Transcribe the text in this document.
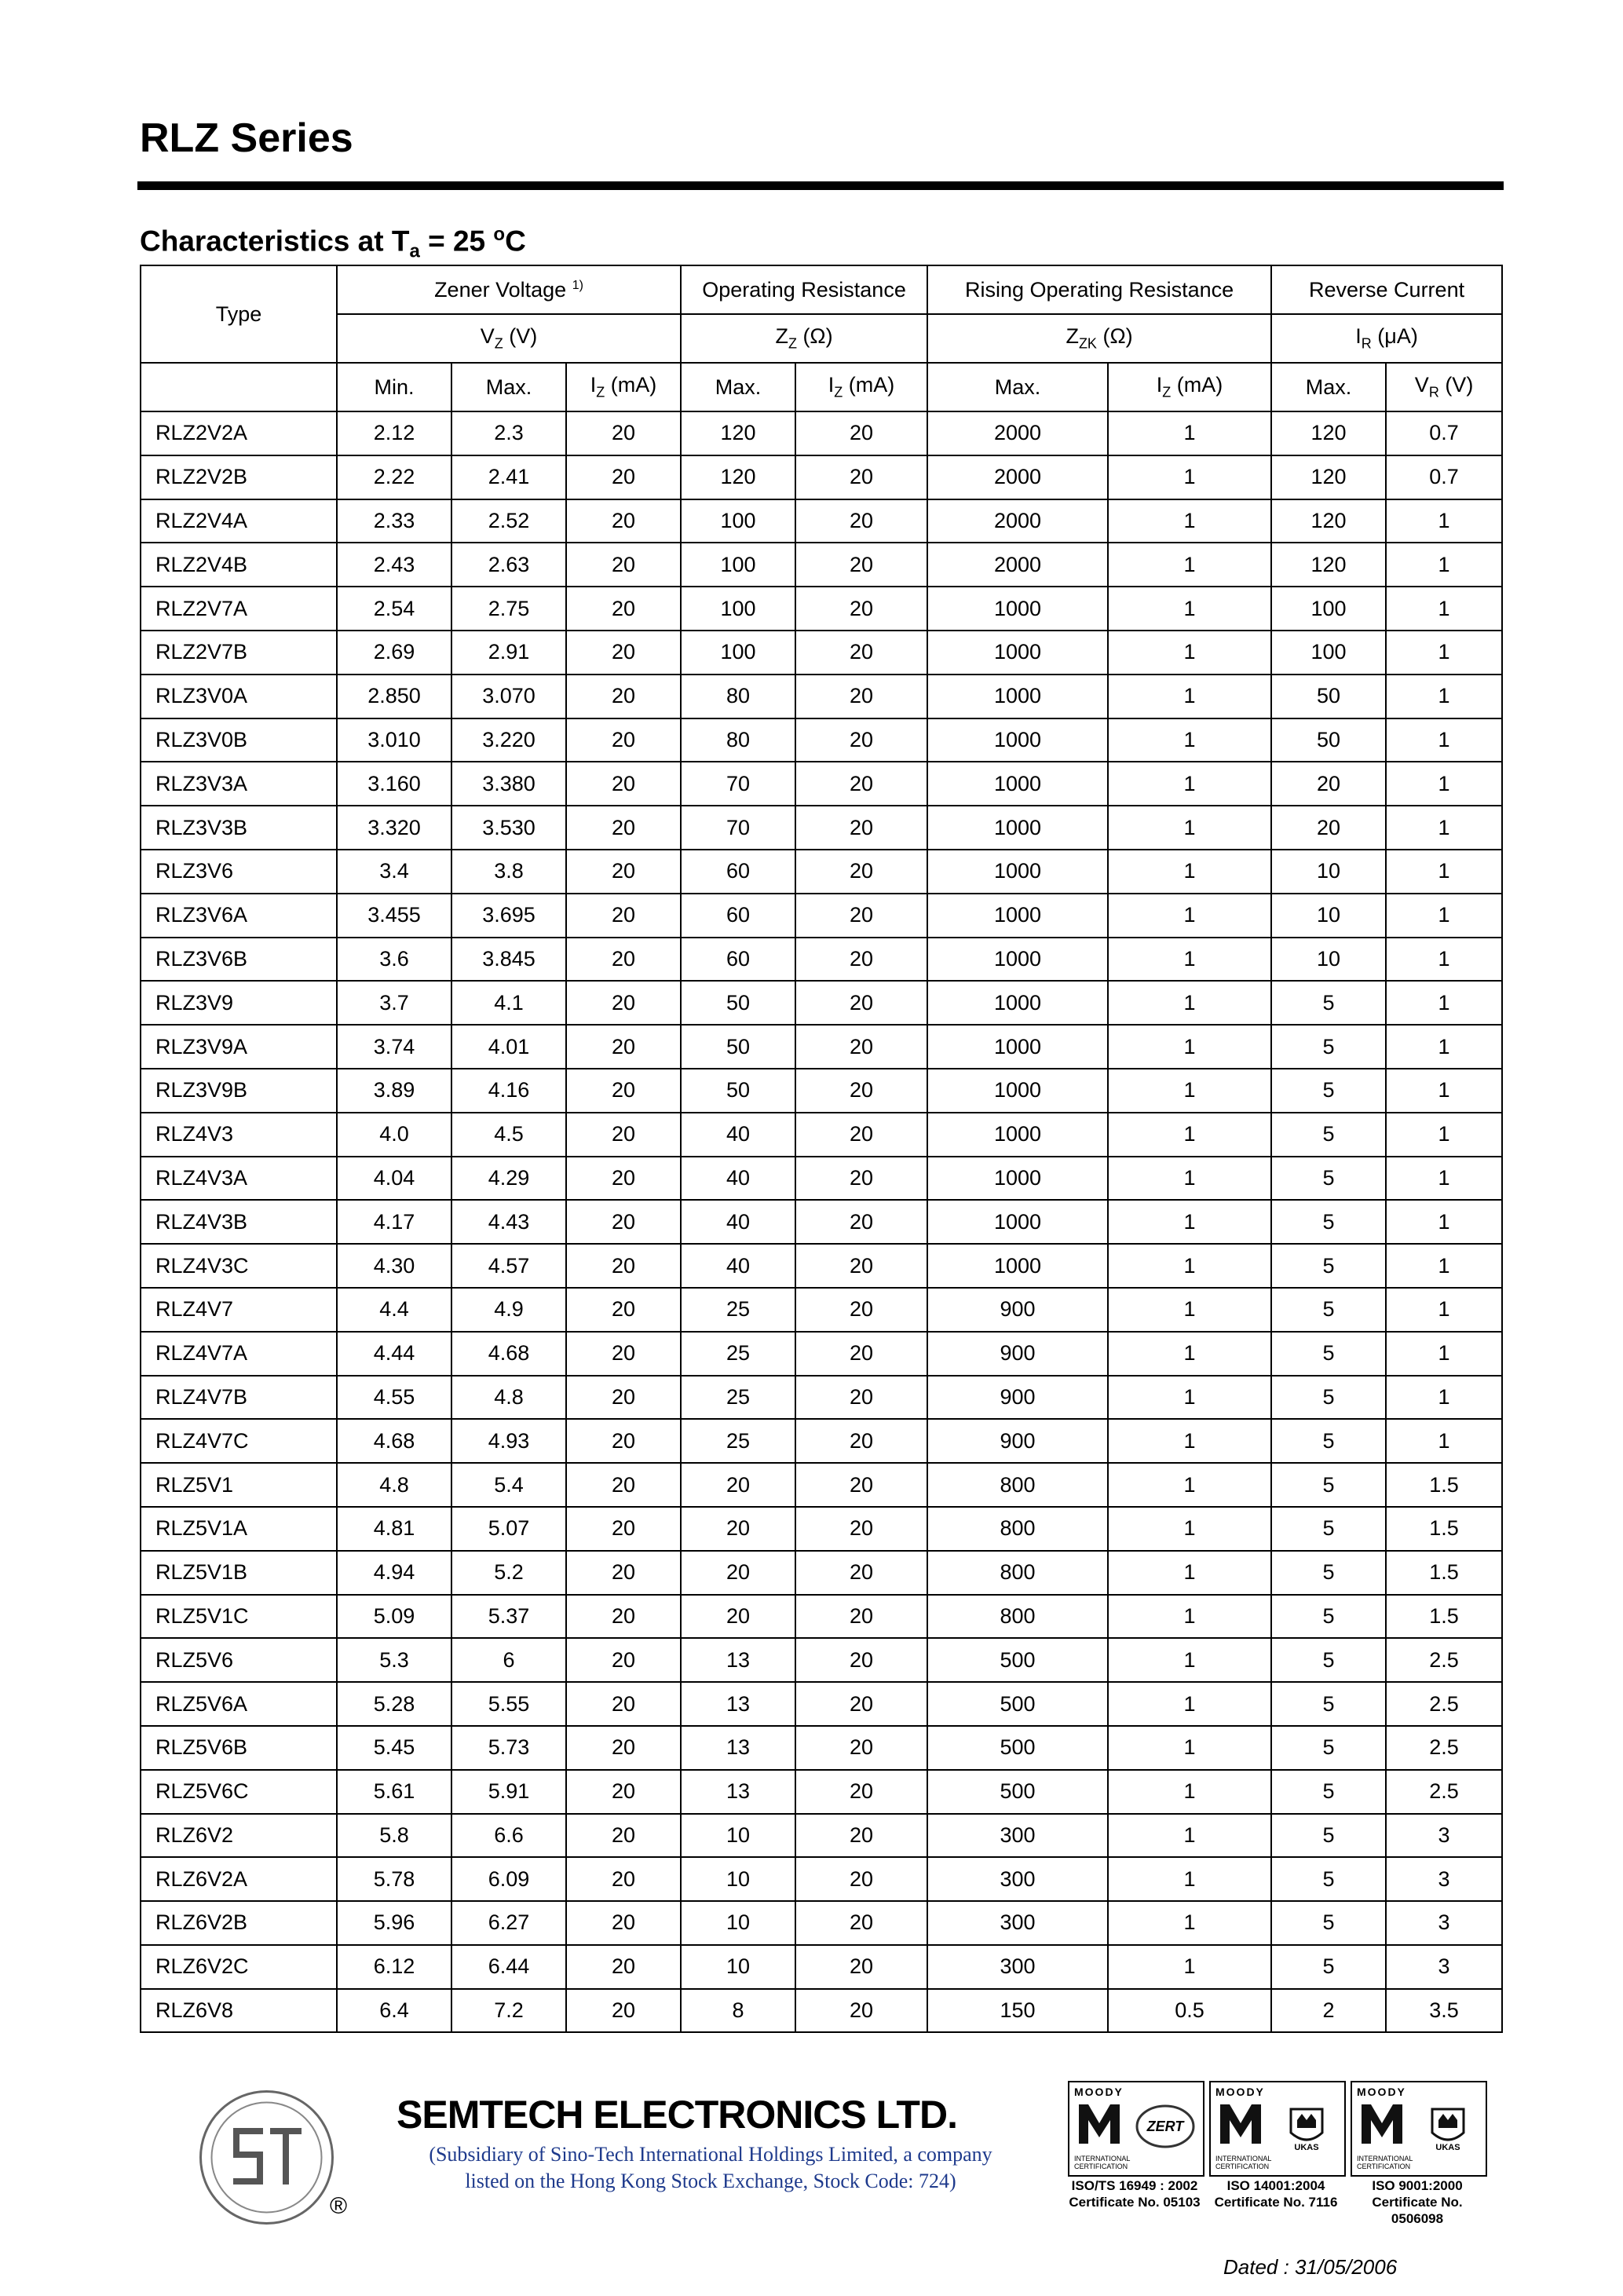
RLZ Series
Characteristics at $T_a = 25$ $^o$C
Type	Zener Voltage $^{1)}$			Operating Resistance		Rising Operating Resistance		Reverse Current	
	$V_Z$ (V)			$Z_Z$ (Ω)		$Z_{ZK}$ (Ω)		$I_R$ (μA)	
	Min.	Max.	$I_Z$ (mA)	Max.	$I_Z$ (mA)	Max.	$I_Z$ (mA)	Max.	$V_R$ (V)
RLZ2V2A	2.12	2.3	20	120	20	2000	1	120	0.7
RLZ2V2B	2.22	2.41	20	120	20	2000	1	120	0.7
RLZ2V4A	2.33	2.52	20	100	20	2000	1	120	1
RLZ2V4B	2.43	2.63	20	100	20	2000	1	120	1
RLZ2V7A	2.54	2.75	20	100	20	1000	1	100	1
RLZ2V7B	2.69	2.91	20	100	20	1000	1	100	1
RLZ3V0A	2.850	3.070	20	80	20	1000	1	50	1
RLZ3V0B	3.010	3.220	20	80	20	1000	1	50	1
RLZ3V3A	3.160	3.380	20	70	20	1000	1	20	1
RLZ3V3B	3.320	3.530	20	70	20	1000	1	20	1
RLZ3V6	3.4	3.8	20	60	20	1000	1	10	1
RLZ3V6A	3.455	3.695	20	60	20	1000	1	10	1
RLZ3V6B	3.6	3.845	20	60	20	1000	1	10	1
RLZ3V9	3.7	4.1	20	50	20	1000	1	5	1
RLZ3V9A	3.74	4.01	20	50	20	1000	1	5	1
RLZ3V9B	3.89	4.16	20	50	20	1000	1	5	1
RLZ4V3	4.0	4.5	20	40	20	1000	1	5	1
RLZ4V3A	4.04	4.29	20	40	20	1000	1	5	1
RLZ4V3B	4.17	4.43	20	40	20	1000	1	5	1
RLZ4V3C	4.30	4.57	20	40	20	1000	1	5	1
RLZ4V7	4.4	4.9	20	25	20	900	1	5	1
RLZ4V7A	4.44	4.68	20	25	20	900	1	5	1
RLZ4V7B	4.55	4.8	20	25	20	900	1	5	1
RLZ4V7C	4.68	4.93	20	25	20	900	1	5	1
RLZ5V1	4.8	5.4	20	20	20	800	1	5	1.5
RLZ5V1A	4.81	5.07	20	20	20	800	1	5	1.5
RLZ5V1B	4.94	5.2	20	20	20	800	1	5	1.5
RLZ5V1C	5.09	5.37	20	20	20	800	1	5	1.5
RLZ5V6	5.3	6	20	13	20	500	1	5	2.5
RLZ5V6A	5.28	5.55	20	13	20	500	1	5	2.5
RLZ5V6B	5.45	5.73	20	13	20	500	1	5	2.5
RLZ5V6C	5.61	5.91	20	13	20	500	1	5	2.5
RLZ6V2	5.8	6.6	20	10	20	300	1	5	3
RLZ6V2A	5.78	6.09	20	10	20	300	1	5	3
RLZ6V2B	5.96	6.27	20	10	20	300	1	5	3
RLZ6V2C	6.12	6.44	20	10	20	300	1	5	3
RLZ6V8	6.4	7.2	20	8	20	150	0.5	2	3.5
®
SEMTECH ELECTRONICS LTD.
(Subsidiary of Sino-Tech International Holdings Limited, a company
listed on the Hong Kong Stock Exchange, Stock Code: 724)
MOODY
ZERT
INTERNATIONAL CERTIFICATION
ISO/TS 16949 : 2002
Certificate No. 05103
MOODY
UKAS
INTERNATIONAL CERTIFICATION
ISO 14001:2004
Certificate No. 7116
MOODY
UKAS
INTERNATIONAL CERTIFICATION
ISO 9001:2000
Certificate No. 0506098
Dated : 31/05/2006
